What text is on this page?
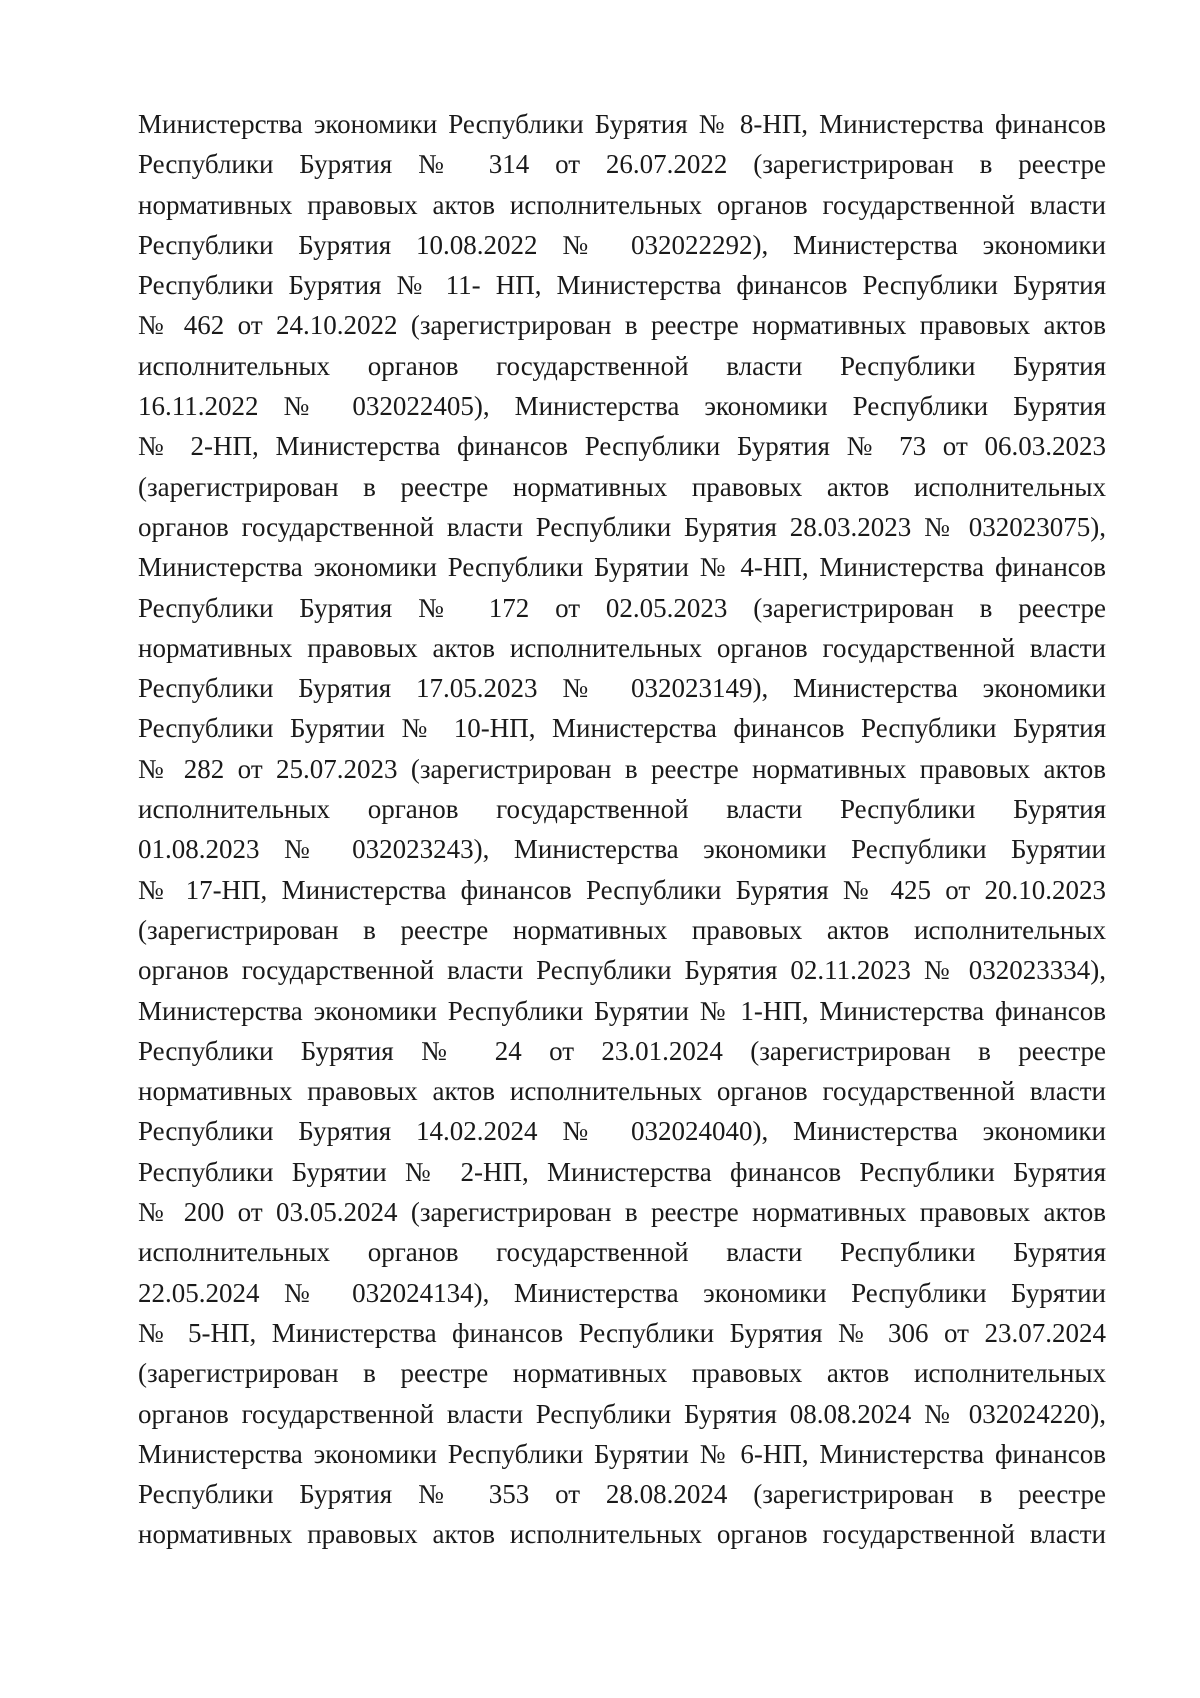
Министерства экономики Республики Бурятия № 8-НП, Министерства финансов
Республики Бурятия № 314 от 26.07.2022 (зарегистрирован в реестре
нормативных правовых актов исполнительных органов государственной власти
Республики Бурятия 10.08.2022 № 032022292), Министерства экономики
Республики Бурятия № 11- НП, Министерства финансов Республики Бурятия
№ 462 от 24.10.2022 (зарегистрирован в реестре нормативных правовых актов
исполнительных органов государственной власти Республики Бурятия
16.11.2022 № 032022405), Министерства экономики Республики Бурятия
№ 2-НП, Министерства финансов Республики Бурятия № 73 от 06.03.2023
(зарегистрирован в реестре нормативных правовых актов исполнительных
органов государственной власти Республики Бурятия 28.03.2023 № 032023075),
Министерства экономики Республики Бурятии № 4-НП, Министерства финансов
Республики Бурятия № 172 от 02.05.2023 (зарегистрирован в реестре
нормативных правовых актов исполнительных органов государственной власти
Республики Бурятия 17.05.2023 № 032023149), Министерства экономики
Республики Бурятии № 10-НП, Министерства финансов Республики Бурятия
№ 282 от 25.07.2023 (зарегистрирован в реестре нормативных правовых актов
исполнительных органов государственной власти Республики Бурятия
01.08.2023 № 032023243), Министерства экономики Республики Бурятии
№ 17-НП, Министерства финансов Республики Бурятия № 425 от 20.10.2023
(зарегистрирован в реестре нормативных правовых актов исполнительных
органов государственной власти Республики Бурятия 02.11.2023 № 032023334),
Министерства экономики Республики Бурятии № 1-НП, Министерства финансов
Республики Бурятия № 24 от 23.01.2024 (зарегистрирован в реестре
нормативных правовых актов исполнительных органов государственной власти
Республики Бурятия 14.02.2024 № 032024040), Министерства экономики
Республики Бурятии № 2-НП, Министерства финансов Республики Бурятия
№ 200 от 03.05.2024 (зарегистрирован в реестре нормативных правовых актов
исполнительных органов государственной власти Республики Бурятия
22.05.2024 № 032024134), Министерства экономики Республики Бурятии
№ 5-НП, Министерства финансов Республики Бурятия № 306 от 23.07.2024
(зарегистрирован в реестре нормативных правовых актов исполнительных
органов государственной власти Республики Бурятия 08.08.2024 № 032024220),
Министерства экономики Республики Бурятии № 6-НП, Министерства финансов
Республики Бурятия № 353 от 28.08.2024 (зарегистрирован в реестре
нормативных правовых актов исполнительных органов государственной власти
